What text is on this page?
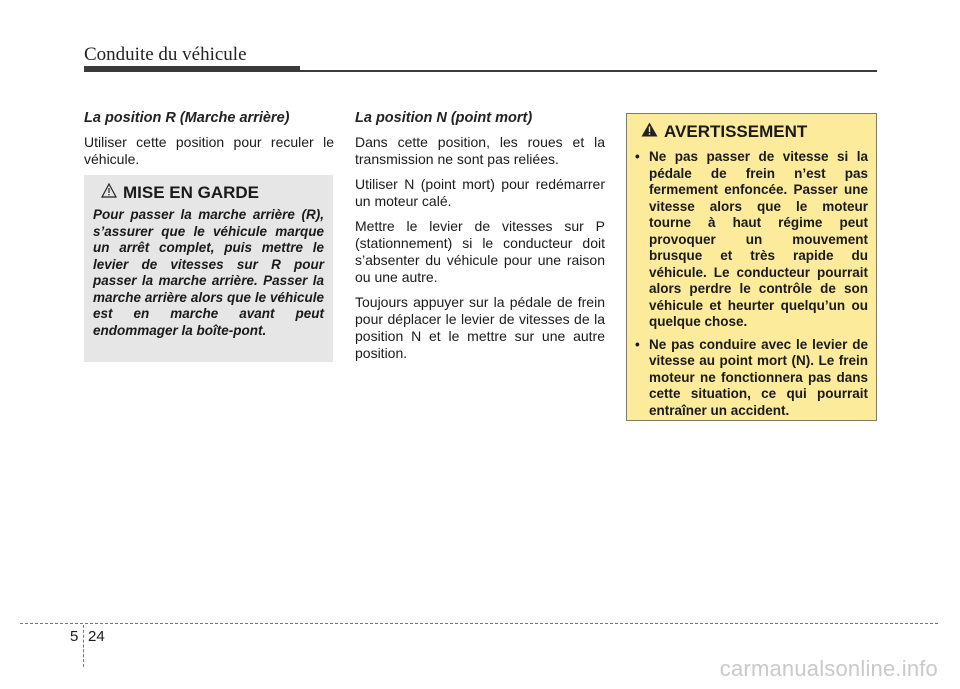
Conduite du véhicule
La position R (Marche arrière)
Utiliser cette position pour reculer le véhicule.
MISE EN GARDE
Pour passer la marche arrière (R), s’assurer que le véhicule marque un arrêt complet, puis mettre le levier de vitesses sur R pour passer la marche arrière. Passer la marche arrière alors que le véhicule est en marche avant peut endommager la boîte-pont.
La position N (point mort)
Dans cette position, les roues et la transmission ne sont pas reliées.
Utiliser N (point mort) pour redémarrer un moteur calé.
Mettre le levier de vitesses sur P (stationnement) si le conducteur doit s’absenter du véhicule pour une raison ou une autre.
Toujours appuyer sur la pédale de frein pour déplacer le levier de vitesses de la position N et le mettre sur une autre position.
AVERTISSEMENT
• Ne pas passer de vitesse si la pédale de frein n’est pas fermement enfoncée. Passer une vitesse alors que le moteur tourne à haut régime peut provoquer un mouvement brusque et très rapide du véhicule. Le conducteur pourrait alors perdre le contrôle de son véhicule et heurter quelqu’un ou quelque chose.
• Ne pas conduire avec le levier de vitesse au point mort (N). Le frein moteur ne fonctionnera pas dans cette situation, ce qui pourrait entraîner un accident.
5 24
carmanualsonline.info
